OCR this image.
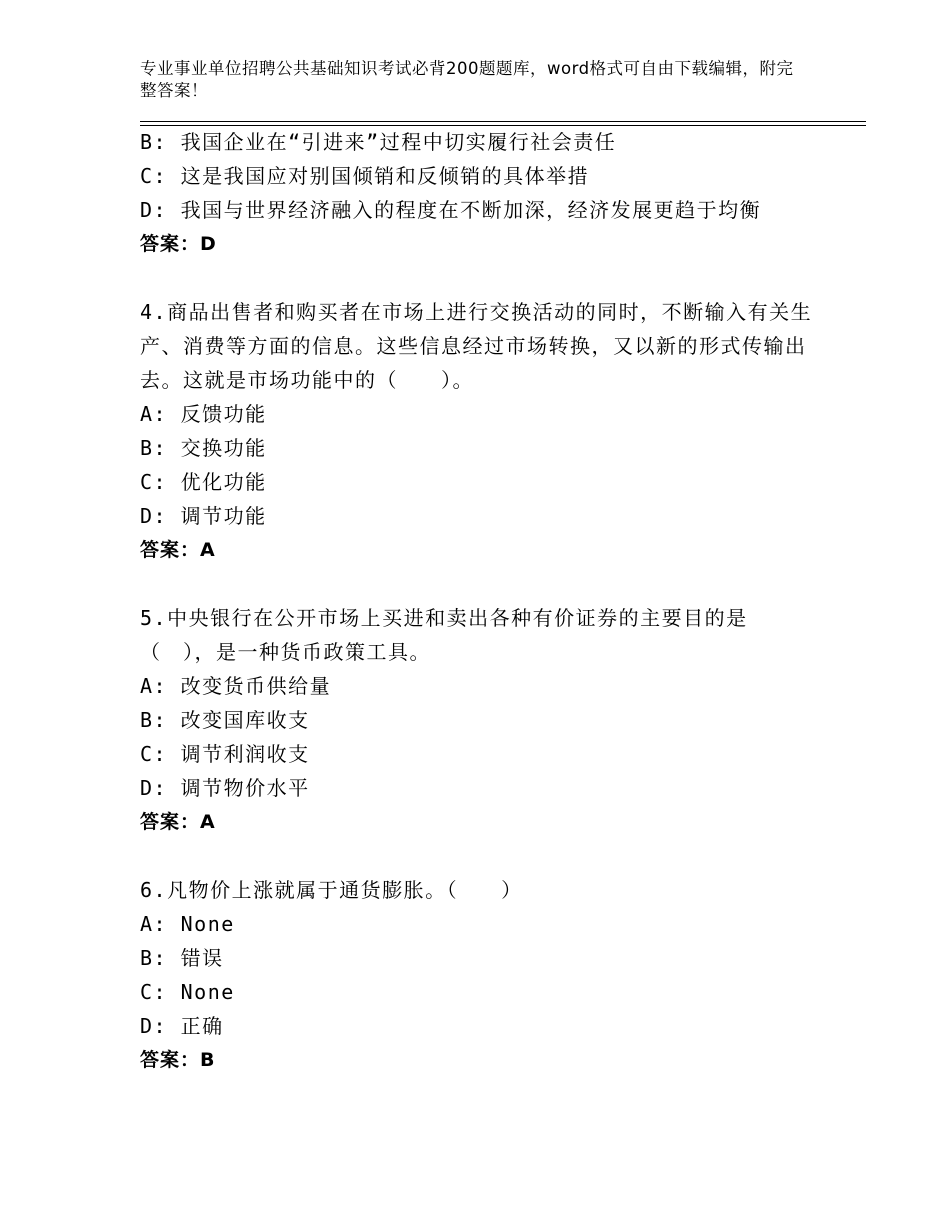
专业事业单位招聘公共基础知识考试必背200题题库，word格式可自由下载编辑，附完整答案！

B: 我国企业在“引进来”过程中切实履行社会责任

C: 这是我国应对别国倾销和反倾销的具体举措

D: 我国与世界经济融入的程度在不断加深，经济发展更趋于均衡

答案：D

4.商品出售者和购买者在市场上进行交换活动的同时，不断输入有关生产、消费等方面的信息。这些信息经过市场转换，又以新的形式传输出去。这就是市场功能中的（　　）。

A: 反馈功能

B: 交换功能

C: 优化功能

D: 调节功能

答案：A

5.中央银行在公开市场上买进和卖出各种有价证券的主要目的是（　），是一种货币政策工具。

A: 改变货币供给量

B: 改变国库收支

C: 调节利润收支

D: 调节物价水平

答案：A

6.凡物价上涨就属于通货膨胀。（　　）

A: None

B: 错误

C: None

D: 正确

答案：B
